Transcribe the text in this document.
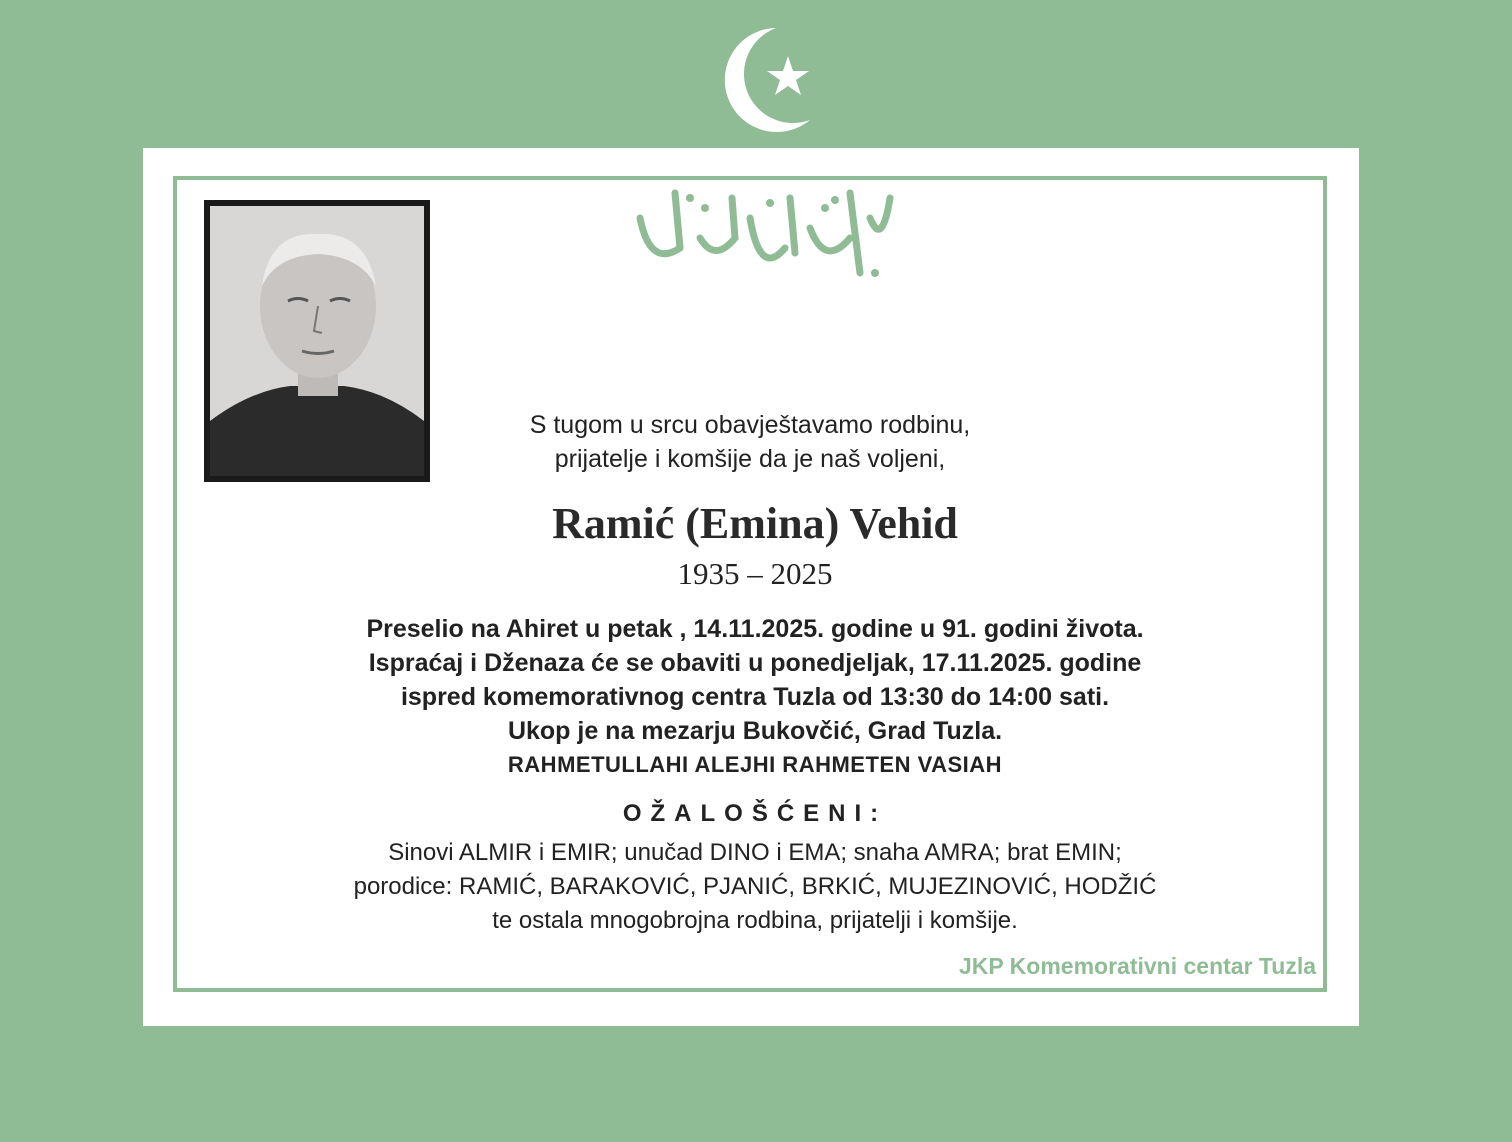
S tugom u srcu obavještavamo rodbinu,
prijatelje i komšije da je naš voljeni,
Ramić (Emina) Vehid
1935 – 2025
Preselio na Ahiret u petak , 14.11.2025. godine u 91. godini života.
Ispraćaj i Dženaza će se obaviti u ponedjeljak, 17.11.2025. godine
ispred komemorativnog centra Tuzla od 13:30 do 14:00 sati.
Ukop je na mezarju Bukovčić, Grad Tuzla.
RAHMETULLAHI ALEJHI RAHMETEN VASIAH
OŽALOŠĆENI:
Sinovi ALMIR i EMIR; unučad DINO i EMA; snaha AMRA; brat EMIN;
porodice: RAMIĆ, BARAKOVIĆ, PJANIĆ, BRKIĆ, MUJEZINOVIĆ, HODŽIĆ
te ostala mnogobrojna rodbina, prijatelji i komšije.
JKP Komemorativni centar Tuzla
